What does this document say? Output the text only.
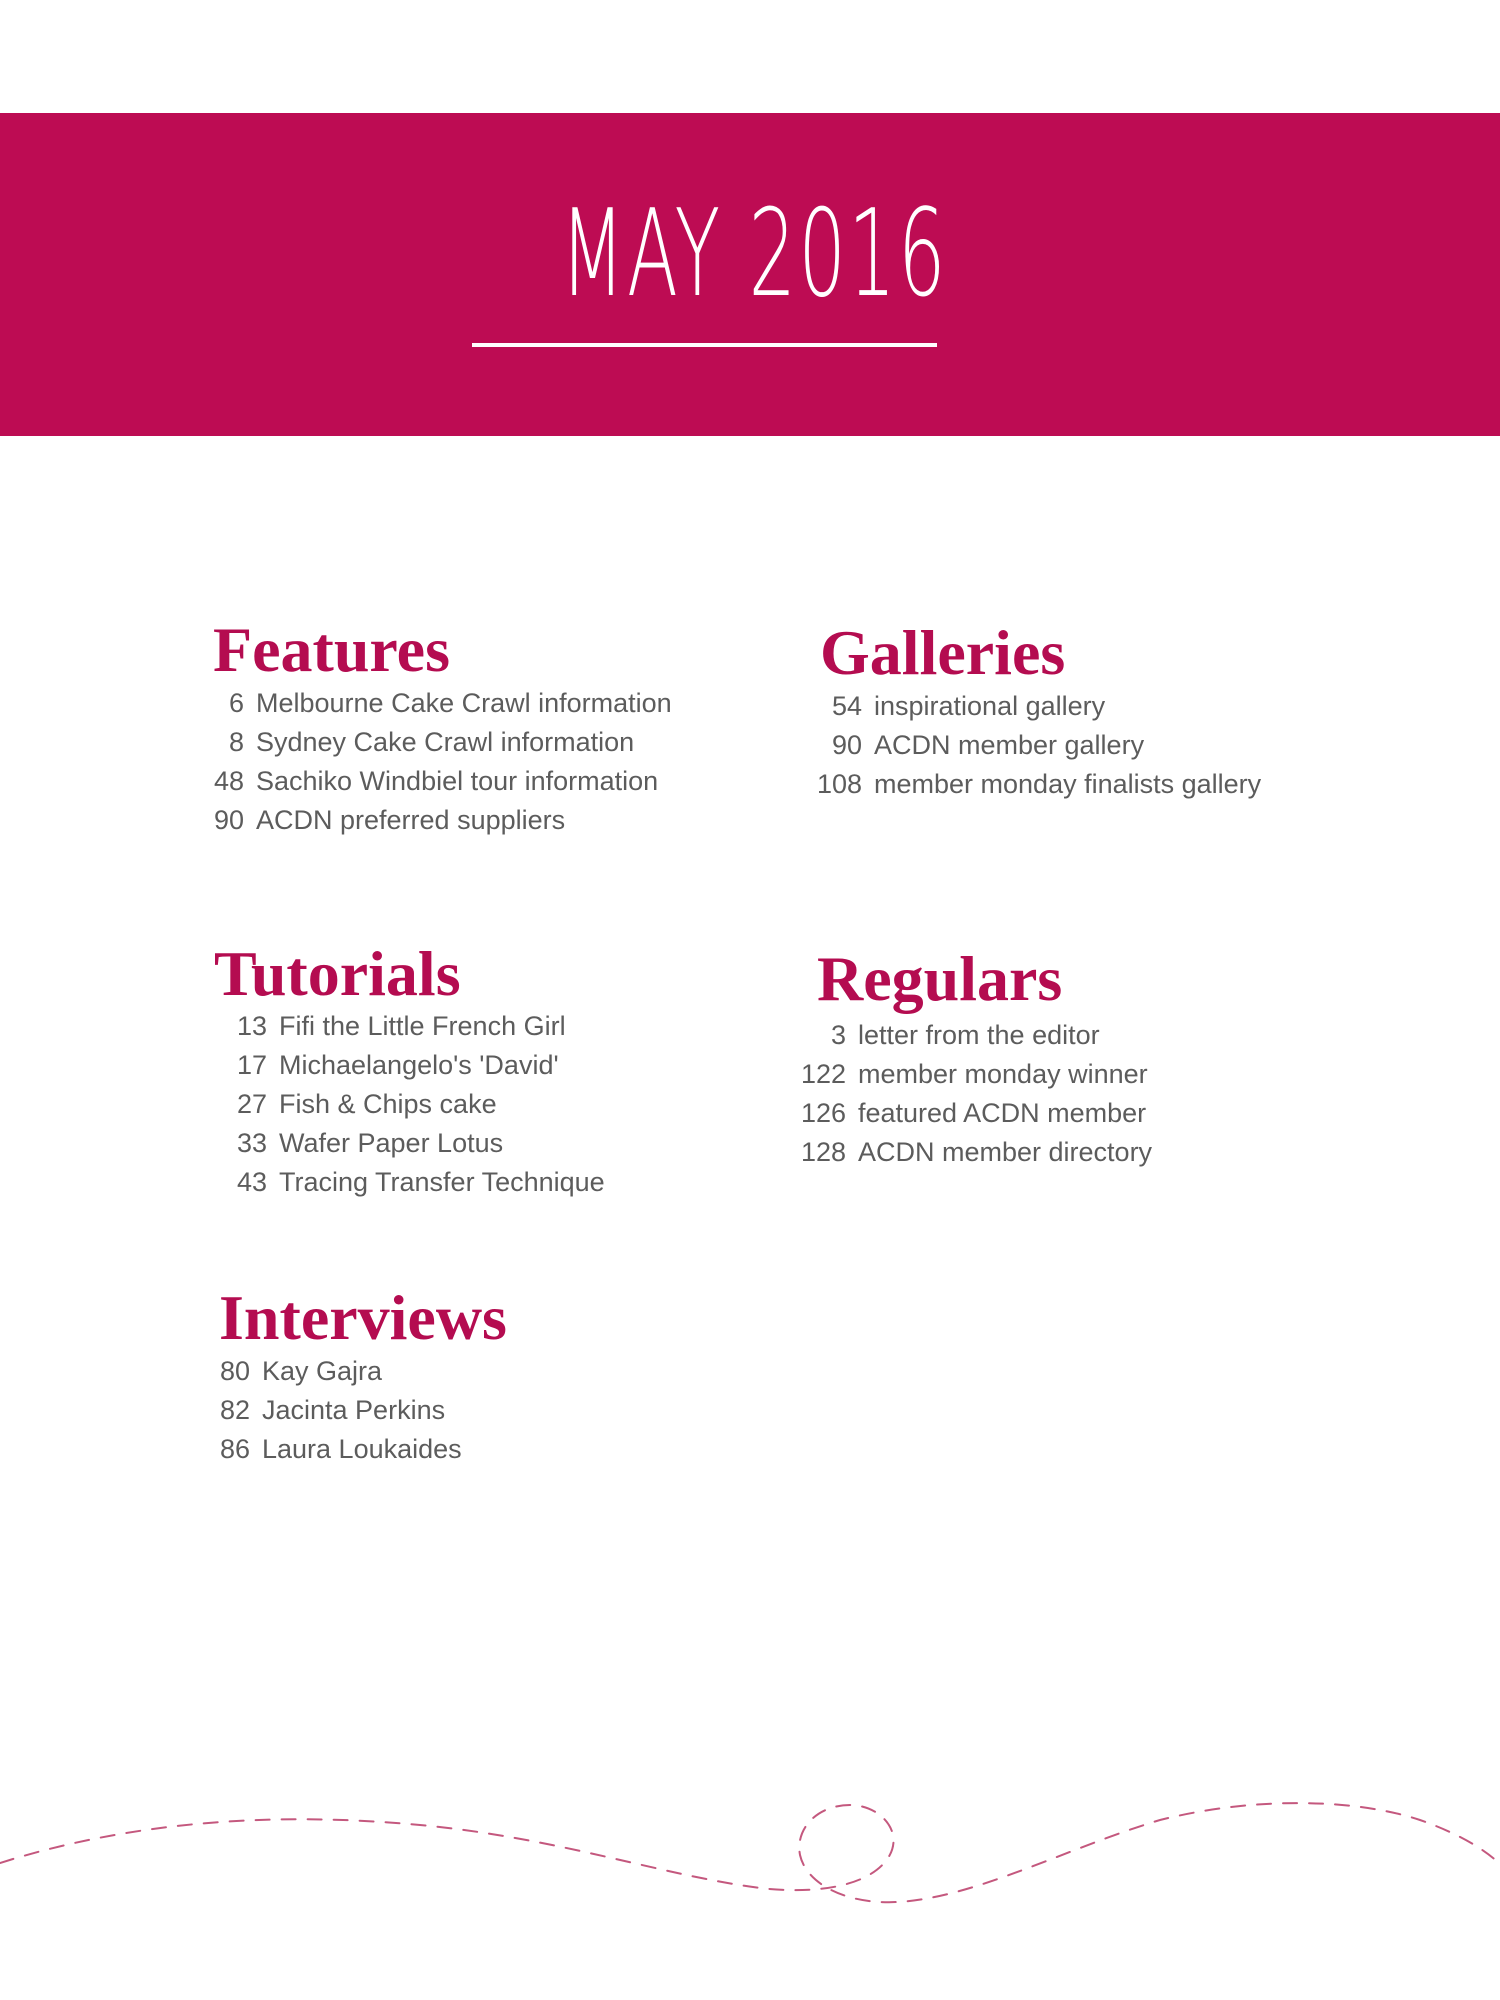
MAY 2016
Features
6 Melbourne Cake Crawl information
8 Sydney Cake Crawl information
48 Sachiko Windbiel tour information
90 ACDN preferred suppliers
Galleries
54 inspirational gallery
90 ACDN member gallery
108 member monday finalists gallery
Tutorials
13 Fifi the Little French Girl
17 Michaelangelo's 'David'
27 Fish & Chips cake
33 Wafer Paper Lotus
43 Tracing Transfer Technique
Regulars
3 letter from the editor
122 member monday winner
126 featured ACDN member
128 ACDN member directory
Interviews
80 Kay Gajra
82 Jacinta Perkins
86 Laura Loukaides
